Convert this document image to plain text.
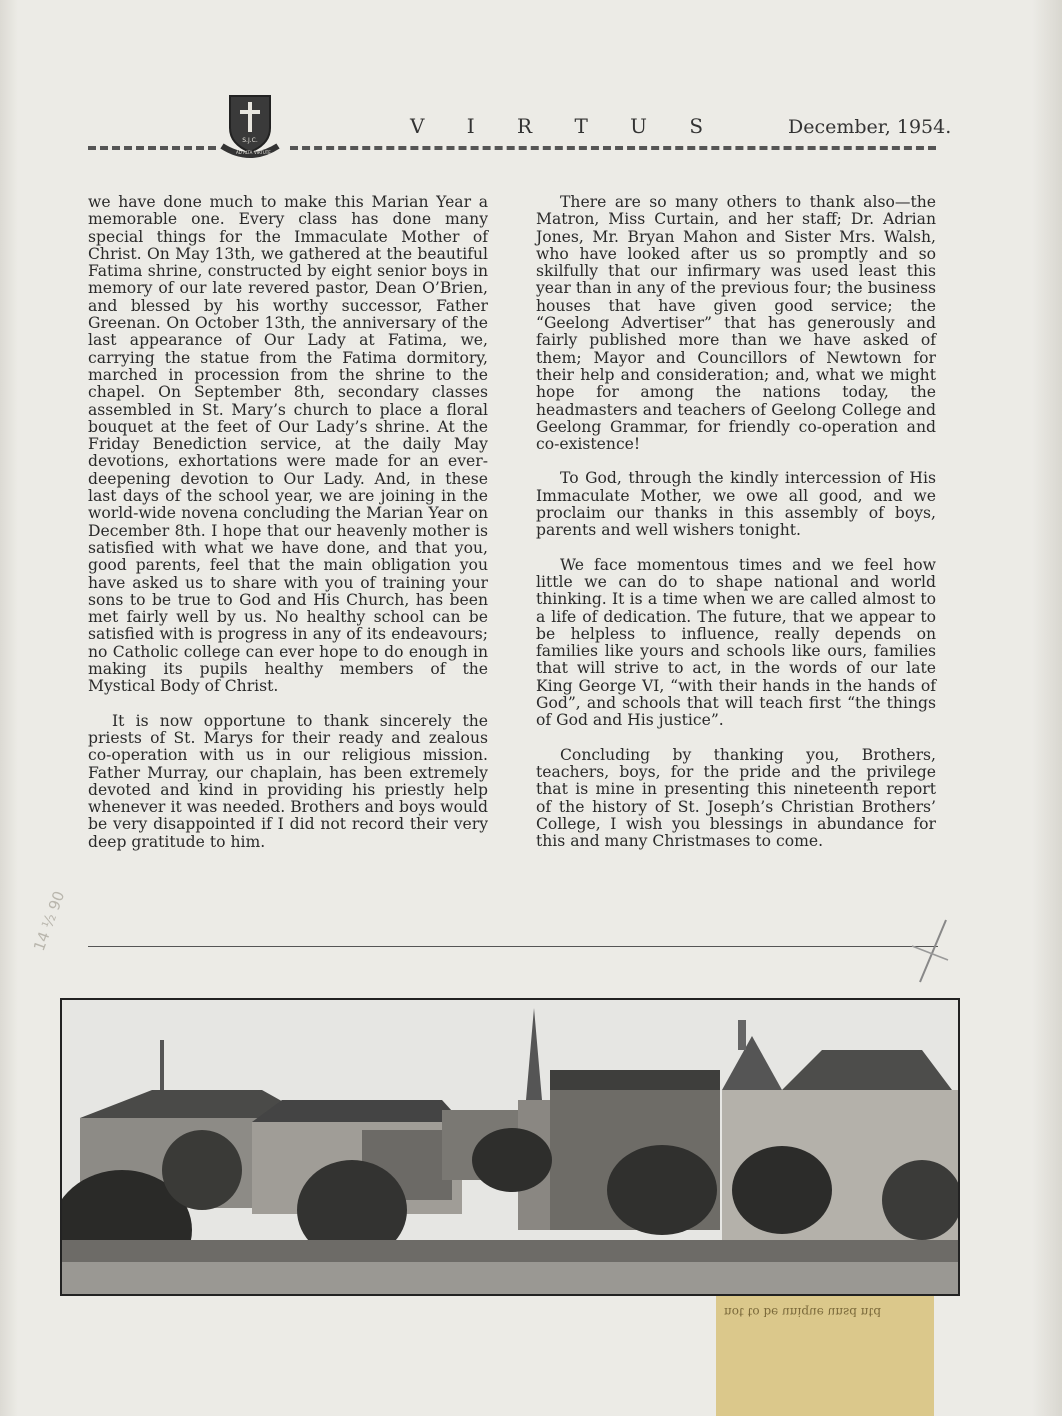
S.J.C.
AD ALTA VIRTUTE
V I R T U S	December, 1954.

we have done much to make this Marian Year a memorable one. Every class has done many special things for the Immaculate Mother of Christ. On May 13th, we gathered at the beautiful Fatima shrine, constructed by eight senior boys in memory of our late revered pastor, Dean O’Brien, and blessed by his worthy successor, Father Greenan. On October 13th, the anniversary of the last appearance of Our Lady at Fatima, we, carrying the statue from the Fatima dormitory, marched in procession from the shrine to the chapel. On September 8th, secondary classes assembled in St. Mary’s church to place a floral bouquet at the feet of Our Lady’s shrine. At the Friday Benediction service, at the daily May devotions, exhortations were made for an ever-deepening devotion to Our Lady. And, in these last days of the school year, we are joining in the world-wide novena concluding the Marian Year on December 8th. I hope that our heavenly mother is satisfied with what we have done, and that you, good parents, feel that the main obligation you have asked us to share with you of training your sons to be true to God and His Church, has been met fairly well by us. No healthy school can be satisfied with is progress in any of its endeavours; no Catholic college can ever hope to do enough in making its pupils healthy members of the Mystical Body of Christ.

It is now opportune to thank sincerely the priests of St. Marys for their ready and zealous co-operation with us in our religious mission. Father Murray, our chaplain, has been extremely devoted and kind in providing his priestly help whenever it was needed. Brothers and boys would be very disappointed if I did not record their very deep gratitude to him.

There are so many others to thank also—the Matron, Miss Curtain, and her staff; Dr. Adrian Jones, Mr. Bryan Mahon and Sister Mrs. Walsh, who have looked after us so promptly and so skilfully that our infirmary was used least this year than in any of the previous four; the business houses that have given good service; the “Geelong Advertiser” that has generously and fairly published more than we have asked of them; Mayor and Councillors of Newtown for their help and consideration; and, what we might hope for among the nations today, the headmasters and teachers of Geelong College and Geelong Grammar, for friendly co-operation and co-existence!

To God, through the kindly intercession of His Immaculate Mother, we owe all good, and we proclaim our thanks in this assembly of boys, parents and well wishers tonight.

We face momentous times and we feel how little we can do to shape national and world thinking. It is a time when we are called almost to a life of dedication. The future, that we appear to be helpless to influence, really depends on families like yours and schools like ours, families that will strive to act, in the words of our late King George VI, “with their hands in the hands of God”, and schools that will teach first “the things of God and His justice”.

Concluding by thanking you, Brothers, teachers, boys, for the pride and the privilege that is mine in presenting this nineteenth report of the history of St. Joseph’s Christian Brothers’ College, I wish you blessings in abundance for this and many Christmases to come.

14 ½ 90
not to be unique unsd ntd
